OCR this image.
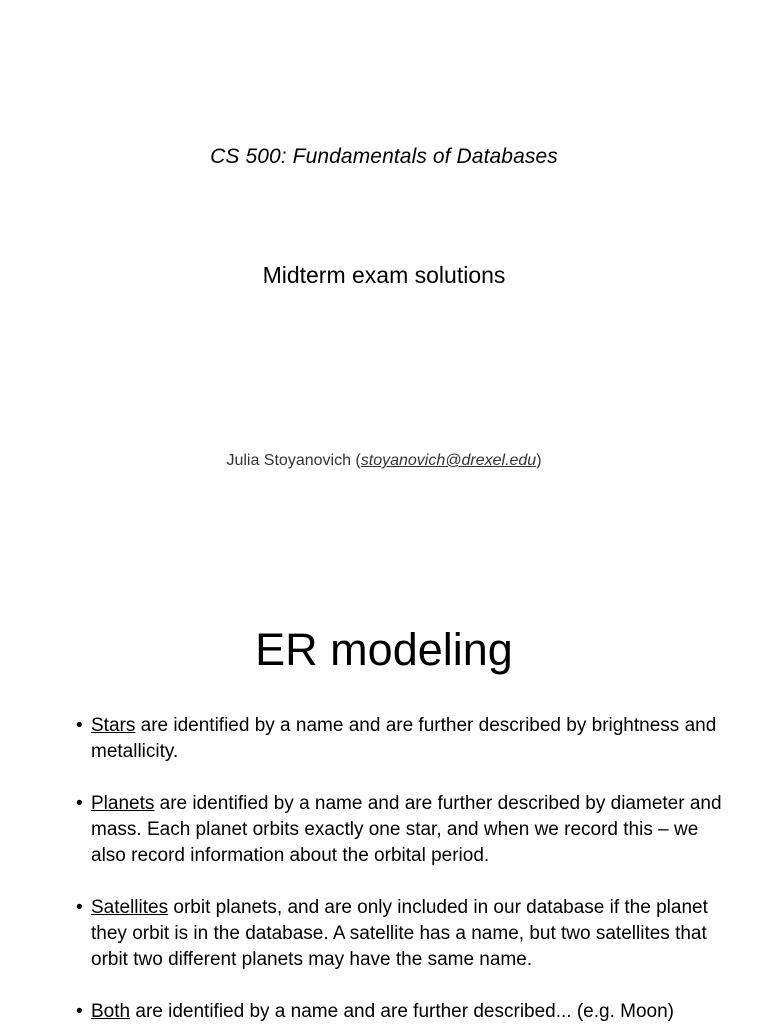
CS 500: Fundamentals of Databases
Midterm exam solutions
Julia Stoyanovich (stoyanovich@drexel.edu)
ER modeling
• Stars are identified by a name and are further described by brightness and metallicity.
• Planets are identified by a name and are further described by diameter and mass. Each planet orbits exactly one star, and when we record this – we also record information about the orbital period.
• Satellites orbit planets, and are only included in our database if the planet they orbit is in the database. A satellite has a name, but two satellites that orbit two different planets may have the same name.
• Both are identified by a name and are further described... (e.g. Moon)
